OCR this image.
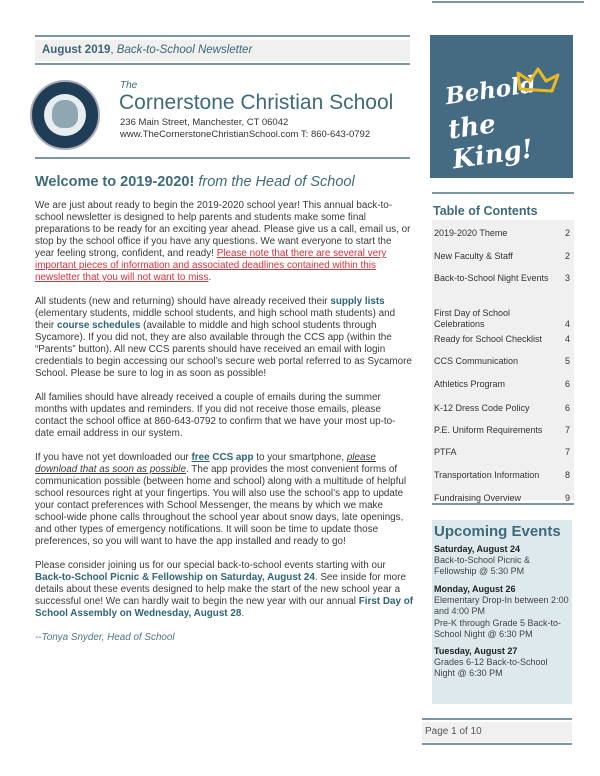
August 2019, Back-to-School Newsletter
The
Cornerstone Christian School
236 Main Street, Manchester, CT 06042
www.TheCornerstoneChristianSchool.com T: 860-643-0792
Welcome to 2019-2020! from the Head of School

We are just about ready to begin the 2019-2020 school year! This annual back-to-school newsletter is designed to help parents and students make some final preparations to be ready for an exciting year ahead. Please give us a call, email us, or stop by the school office if you have any questions. We want everyone to start the year feeling strong, confident, and ready! Please note that there are several very important pieces of information and associated deadlines contained within this newsletter that you will not want to miss.

All students (new and returning) should have already received their supply lists (elementary students, middle school students, and high school math students) and their course schedules (available to middle and high school students through Sycamore). If you did not, they are also available through the CCS app (within the “Parents” button). All new CCS parents should have received an email with login credentials to begin accessing our school’s secure web portal referred to as Sycamore School. Please be sure to log in as soon as possible!

All families should have already received a couple of emails during the summer months with updates and reminders. If you did not receive those emails, please contact the school office at 860-643-0792 to confirm that we have your most up-to-date email address in our system.

If you have not yet downloaded our free CCS app to your smartphone, please download that as soon as possible. The app provides the most convenient forms of communication possible (between home and school) along with a multitude of helpful school resources right at your fingertips. You will also use the school’s app to update your contact preferences with School Messenger, the means by which we make school-wide phone calls throughout the school year about snow days, late openings, and other types of emergency notifications. It will soon be time to update those preferences, so you will want to have the app installed and ready to go!

Please consider joining us for our special back-to-school events starting with our Back-to-School Picnic & Fellowship on Saturday, August 24. See inside for more details about these events designed to help make the start of the new school year a successful one! We can hardly wait to begin the new year with our annual First Day of School Assembly on Wednesday, August 28.

--Tonya Snyder, Head of School

Behold
the King!
Table of Contents
2019-2020 Theme	2
New Faculty & Staff	2
Back-to-School Night Events	3
First Day of School Celebrations	4
Ready for School Checklist	4
CCS Communication	5
Athletics Program	6
K-12 Dress Code Policy	6
P.E. Uniform Requirements	7
PTFA	7
Transportation Information	8
Fundraising Overview	9
Upcoming Events
Saturday, August 24
Back-to-School Picnic & Fellowship @ 5:30 PM
Monday, August 26
Elementary Drop-In between 2:00 and 4:00 PM
Pre-K through Grade 5 Back-to-School Night @ 6:30 PM
Tuesday, August 27
Grades 6-12 Back-to-School Night @ 6:30 PM
Page 1 of 10
